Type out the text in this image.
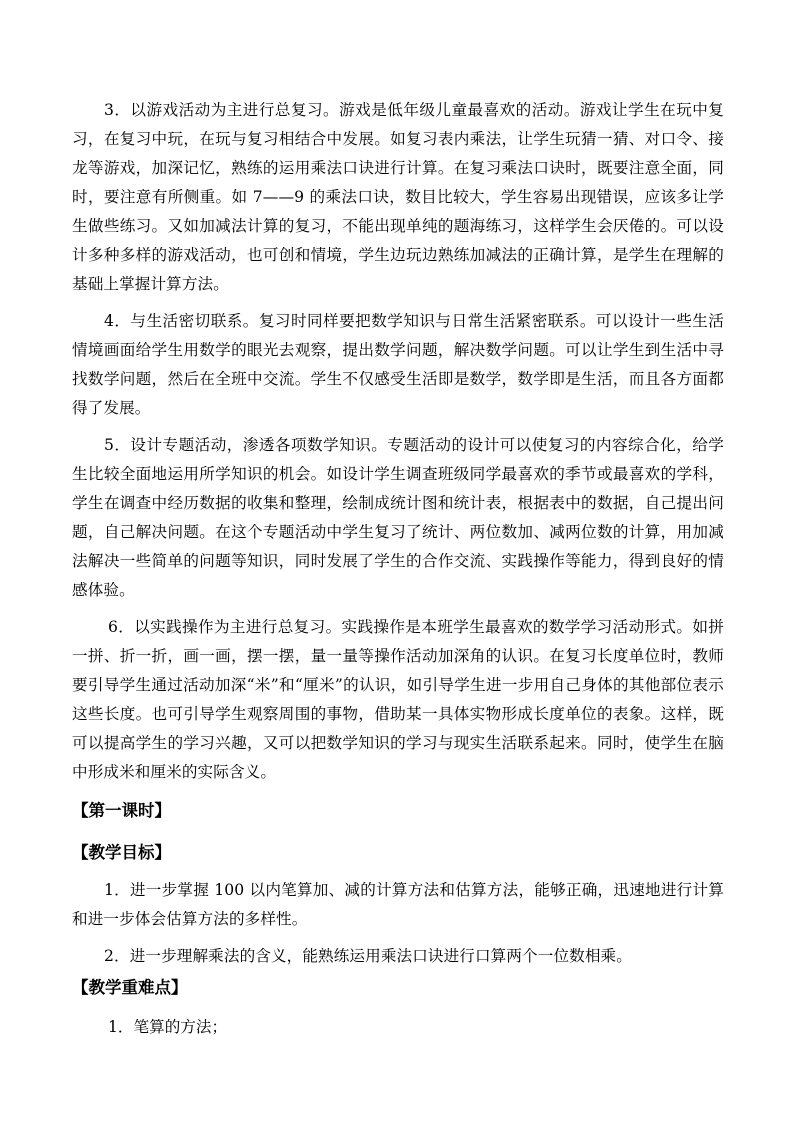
3．以游戏活动为主进行总复习。游戏是低年级儿童最喜欢的活动。游戏让学生在玩中复习，在复习中玩，在玩与复习相结合中发展。如复习表内乘法，让学生玩猜一猜、对口令、接龙等游戏，加深记忆，熟练的运用乘法口诀进行计算。在复习乘法口诀时，既要注意全面，同时，要注意有所侧重。如 7——9 的乘法口诀，数目比较大，学生容易出现错误，应该多让学生做些练习。又如加减法计算的复习，不能出现单纯的题海练习，这样学生会厌倦的。可以设计多种多样的游戏活动，也可创和情境，学生边玩边熟练加减法的正确计算，是学生在理解的基础上掌握计算方法。

4．与生活密切联系。复习时同样要把数学知识与日常生活紧密联系。可以设计一些生活情境画面给学生用数学的眼光去观察，提出数学问题，解决数学问题。可以让学生到生活中寻找数学问题，然后在全班中交流。学生不仅感受生活即是数学，数学即是生活，而且各方面都得了发展。

5．设计专题活动，渗透各项数学知识。专题活动的设计可以使复习的内容综合化，给学生比较全面地运用所学知识的机会。如设计学生调查班级同学最喜欢的季节或最喜欢的学科，学生在调查中经历数据的收集和整理，绘制成统计图和统计表，根据表中的数据，自己提出问题，自己解决问题。在这个专题活动中学生复习了统计、两位数加、减两位数的计算，用加减法解决一些简单的问题等知识，同时发展了学生的合作交流、实践操作等能力，得到良好的情感体验。

6．以实践操作为主进行总复习。实践操作是本班学生最喜欢的数学学习活动形式。如拼一拼、折一折，画一画，摆一摆，量一量等操作活动加深角的认识。在复习长度单位时，教师要引导学生通过活动加深“米”和“厘米”的认识，如引导学生进一步用自己身体的其他部位表示这些长度。也可引导学生观察周围的事物，借助某一具体实物形成长度单位的表象。这样，既可以提高学生的学习兴趣，又可以把数学知识的学习与现实生活联系起来。同时，使学生在脑中形成米和厘米的实际含义。

【第一课时】

【教学目标】

1．进一步掌握 100 以内笔算加、减的计算方法和估算方法，能够正确，迅速地进行计算和进一步体会估算方法的多样性。

2．进一步理解乘法的含义，能熟练运用乘法口诀进行口算两个一位数相乘。

【教学重难点】

1．笔算的方法；
